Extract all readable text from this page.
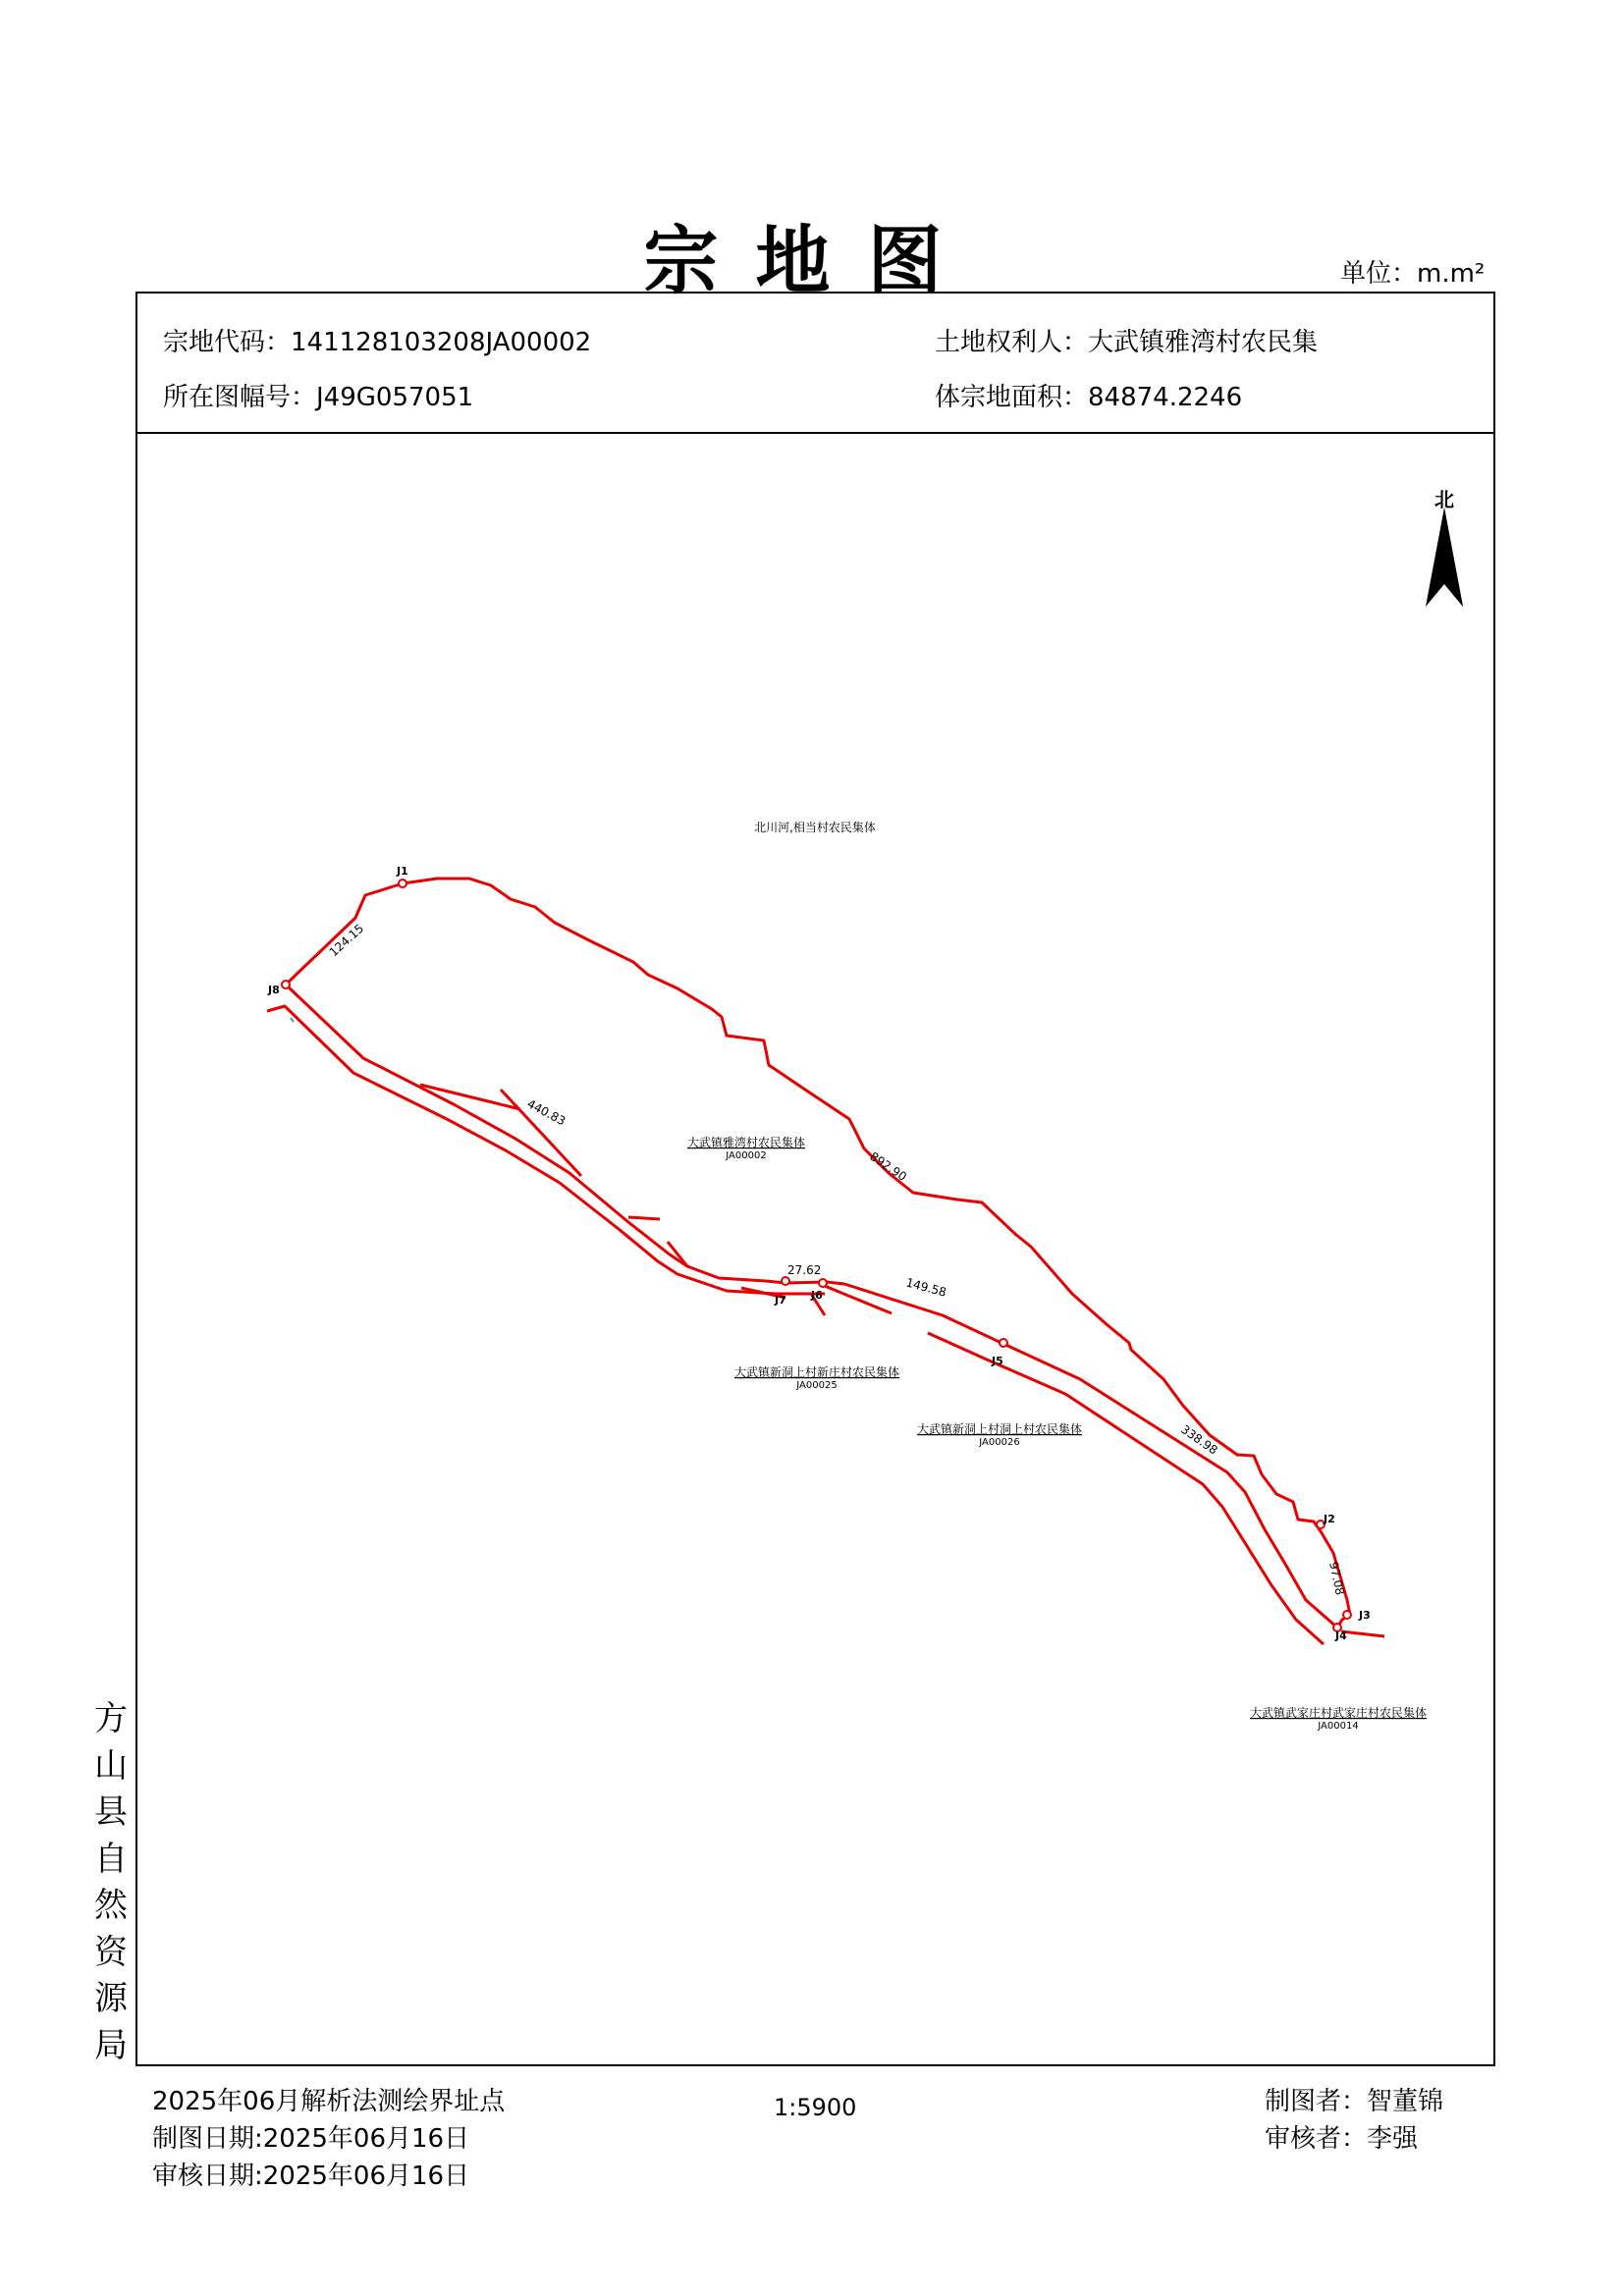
宗地图	单位：m.m²
宗地代码：141128103208JA00002	土地权利人：大武镇雅湾村农民集
所在图幅号：J49G057051	体宗地面积：84874.2246
北
J1
J2
J3
J4
J5
J6
J7
J8
124.15
892.90
97.08
338.98
149.58
27.62
440.83
北川河,相当村农民集体
大武镇雅湾村农民集体
JA00002
大武镇新洞上村新庄村农民集体
JA00025
大武镇新洞上村洞上村农民集体
JA00026
大武镇武家庄村武家庄村农民集体
JA00014
方
山
县
自
然
资
源
局
2025年06月解析法测绘界址点
制图日期:2025年06月16日
审核日期:2025年06月16日
1:5900	制图者：智董锦
审核者：李强
